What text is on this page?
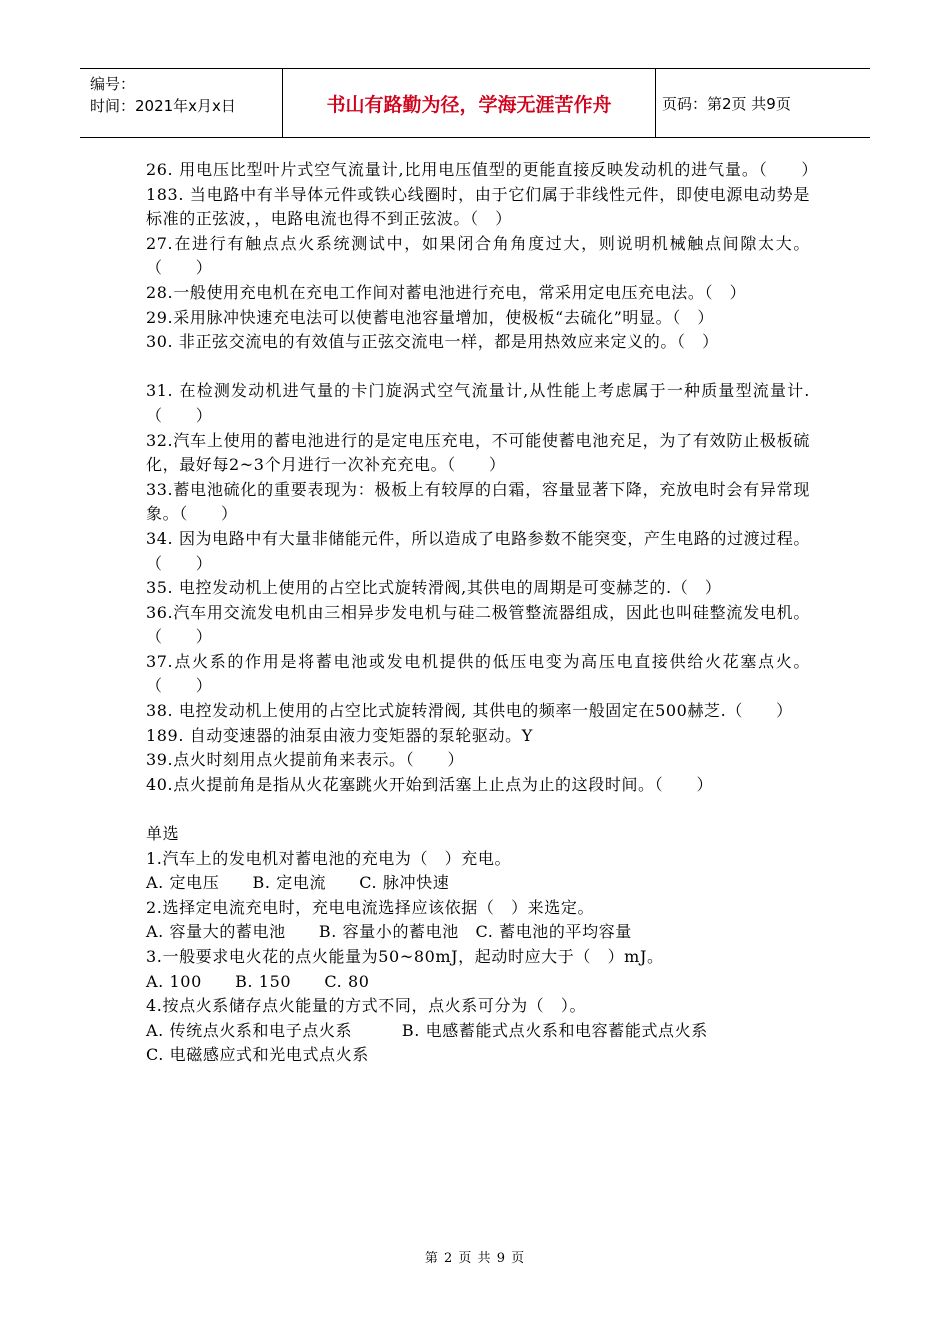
编号：
时间：2021年x月x日	书山有路勤为径，学海无涯苦作舟	页码：第2页 共9页

26. 用电压比型叶片式空气流量计,比用电压值型的更能直接反映发动机的进气量。（　　）　　183. 当电路中有半导体元件或铁心线圈时，由于它们属于非线性元件，即使电源电动势是标准的正弦波，，电路电流也得不到正弦波。（　）

27.在进行有触点点火系统测试中，如果闭合角角度过大，则说明机械触点间隙太大。（　　）

28.一般使用充电机在充电工作间对蓄电池进行充电，常采用定电压充电法。（　）

29.采用脉冲快速充电法可以使蓄电池容量增加，使极板“去硫化”明显。（　）

30. 非正弦交流电的有效值与正弦交流电一样，都是用热效应来定义的。（　）

31. 在检测发动机进气量的卡门旋涡式空气流量计,从性能上考虑属于一种质量型流量计.（　　）

32.汽车上使用的蓄电池进行的是定电压充电，不可能使蓄电池充足，为了有效防止极板硫化，最好每2~3个月进行一次补充充电。（　　）

33.蓄电池硫化的重要表现为：极板上有较厚的白霜，容量显著下降，充放电时会有异常现象。（　　）

34. 因为电路中有大量非储能元件，所以造成了电路参数不能突变，产生电路的过渡过程。（　　）

35. 电控发动机上使用的占空比式旋转滑阀,其供电的周期是可变赫芝的.（　）

36.汽车用交流发电机由三相异步发电机与硅二极管整流器组成，因此也叫硅整流发电机。（　　）

37.点火系的作用是将蓄电池或发电机提供的低压电变为高压电直接供给火花塞点火。（　　）

38. 电控发动机上使用的占空比式旋转滑阀, 其供电的频率一般固定在500赫芝.（　　）

189. 自动变速器的油泵由液力变矩器的泵轮驱动。Y

39.点火时刻用点火提前角来表示。（　　）

40.点火提前角是指从火花塞跳火开始到活塞上止点为止的这段时间。（　　）

单选

1.汽车上的发电机对蓄电池的充电为（　）充电。

A. 定电压　　B. 定电流　　C. 脉冲快速

2.选择定电流充电时，充电电流选择应该依据（　）来选定。

A. 容量大的蓄电池　　B. 容量小的蓄电池　C. 蓄电池的平均容量

3.一般要求电火花的点火能量为50~80mJ，起动时应大于（　）mJ。

A. 100　　B. 150　　C. 80

4.按点火系储存点火能量的方式不同，点火系可分为（　）。

A. 传统点火系和电子点火系　　　B. 电感蓄能式点火系和电容蓄能式点火系

C. 电磁感应式和光电式点火系

第 2 页 共 9 页
